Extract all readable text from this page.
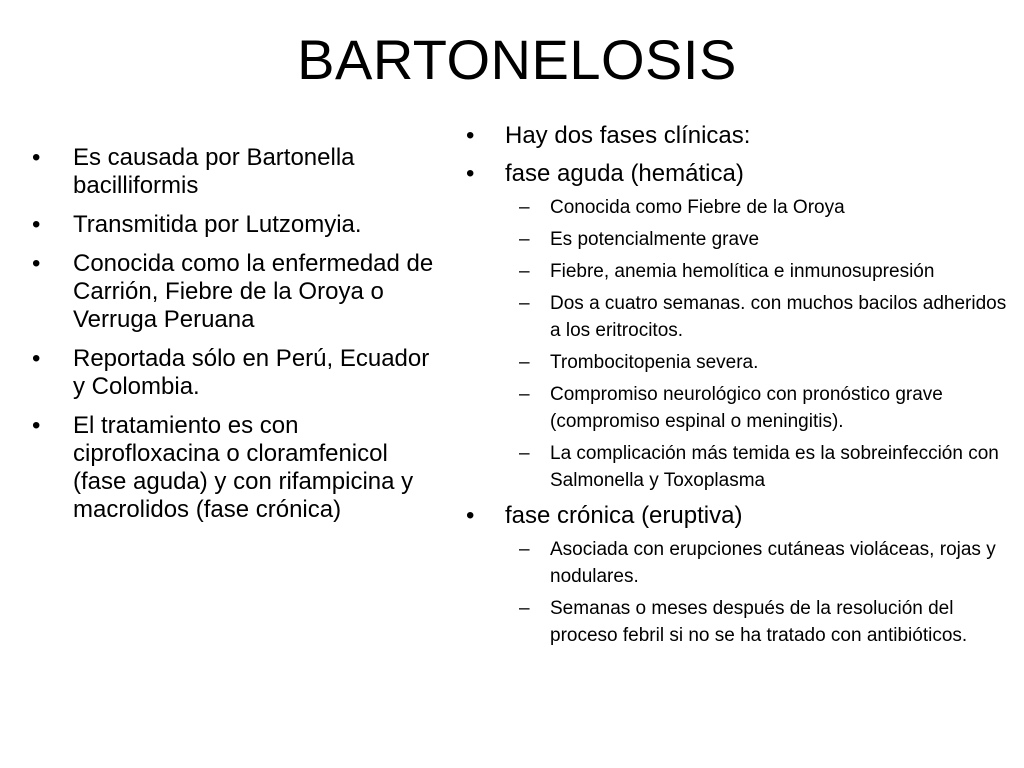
BARTONELOSIS
•	Es causada por Bartonella bacilliformis
•	Transmitida por Lutzomyia.
•	Conocida como la enfermedad de Carrión, Fiebre de la Oroya o Verruga Peruana
•	Reportada sólo en Perú, Ecuador y Colombia.
•	El tratamiento es con ciprofloxacina o cloramfenicol (fase aguda) y con rifampicina y macrolidos (fase crónica)
•	Hay dos fases clínicas:
•	fase aguda (hemática)
–	Conocida como Fiebre de la Oroya
–	Es potencialmente grave
–	Fiebre, anemia hemolítica e inmunosupresión
–	Dos a cuatro semanas. con muchos bacilos adheridos a los eritrocitos.
–	Trombocitopenia severa.
–	Compromiso neurológico con pronóstico grave (compromiso espinal o meningitis).
–	La complicación más temida es la sobreinfección con Salmonella y Toxoplasma
•	fase crónica (eruptiva)
–	Asociada con erupciones cutáneas violáceas, rojas y nodulares.
–	Semanas o meses después de la resolución del proceso febril si no se ha tratado con antibióticos.
